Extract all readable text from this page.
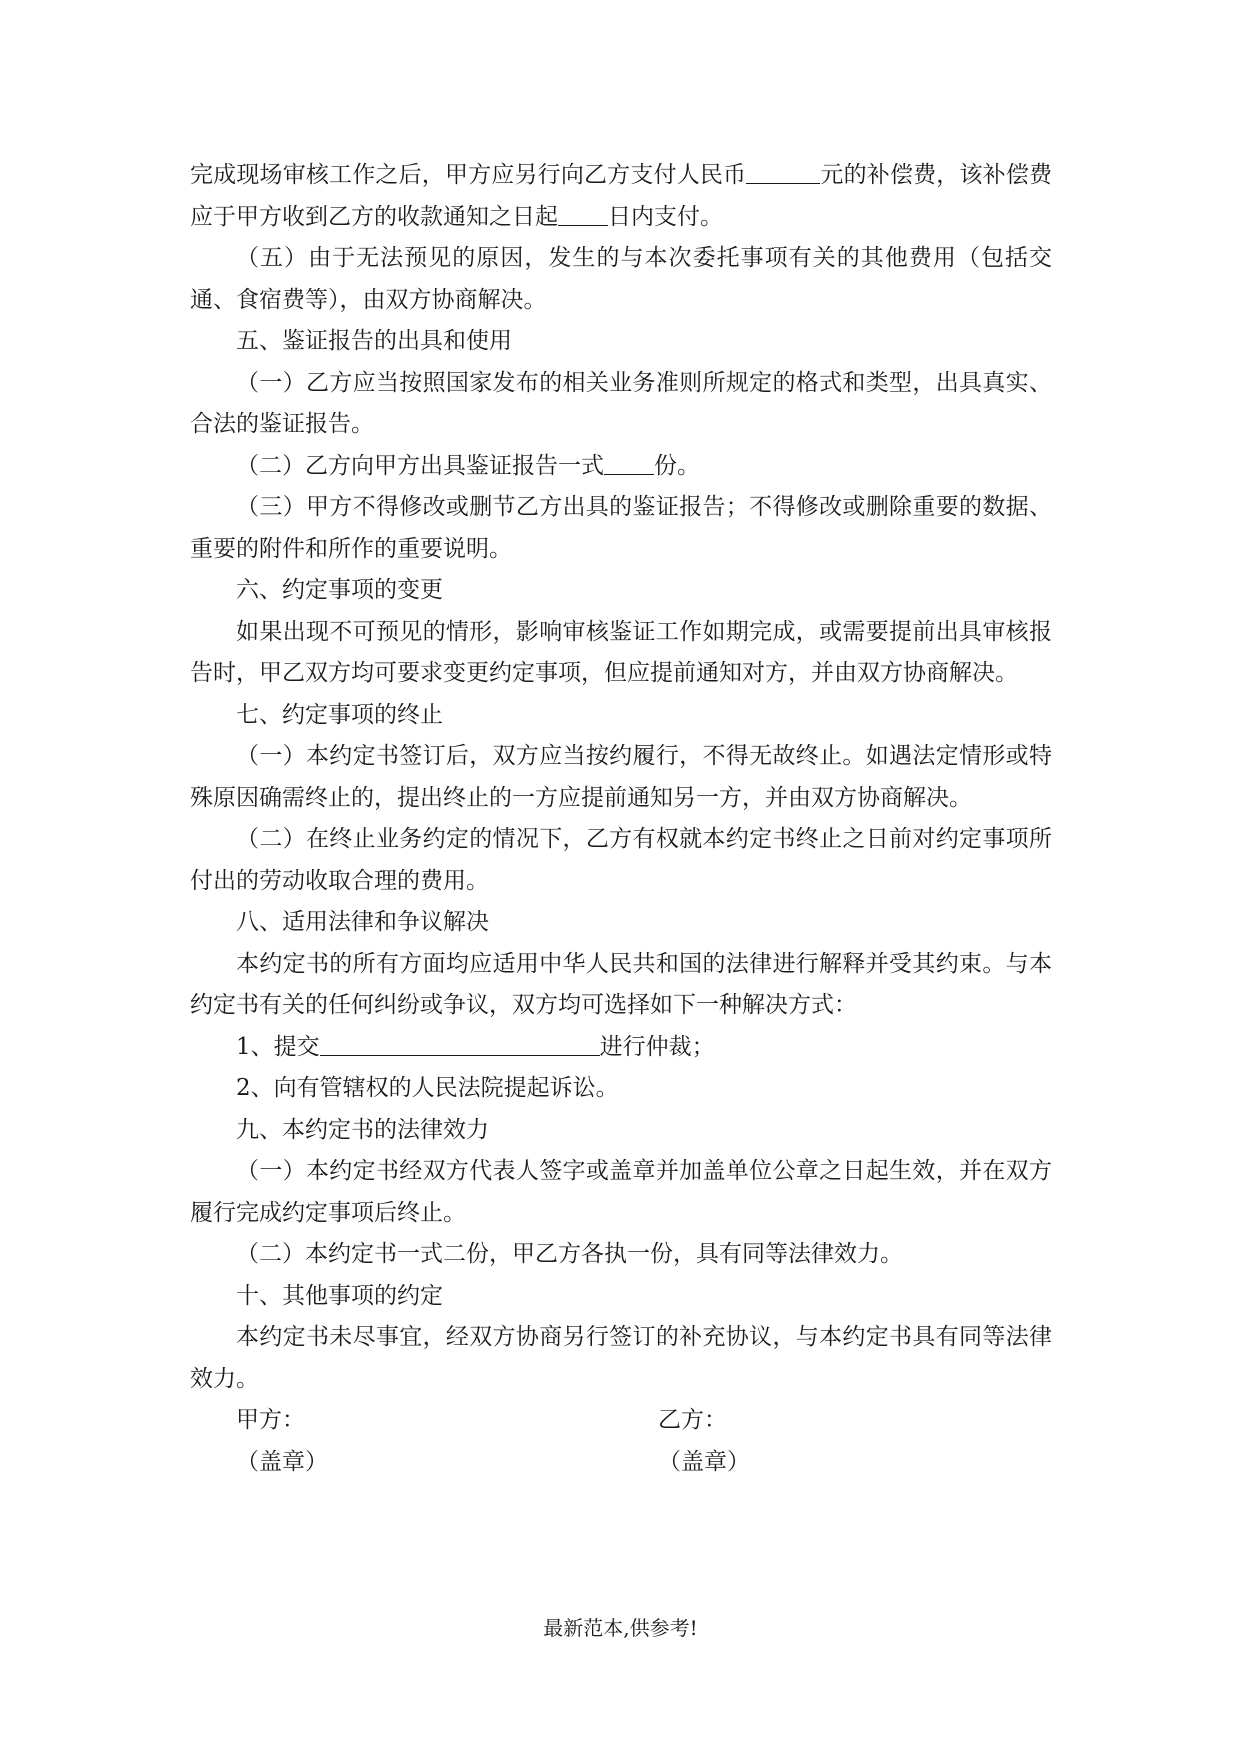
完成现场审核工作之后，甲方应另行向乙方支付人民币	元的补偿费，该补偿费应于甲方收到乙方的收款通知之日起 日内支付。

（五）由于无法预见的原因，发生的与本次委托事项有关的其他费用（包括交通、食宿费等），由双方协商解决。

五、鉴证报告的出具和使用

（一）乙方应当按照国家发布的相关业务准则所规定的格式和类型，出具真实、合法的鉴证报告。

（二）乙方向甲方出具鉴证报告一式 份。

（三）甲方不得修改或删节乙方出具的鉴证报告；不得修改或删除重要的数据、重要的附件和所作的重要说明。

六、约定事项的变更

如果出现不可预见的情形，影响审核鉴证工作如期完成，或需要提前出具审核报告时，甲乙双方均可要求变更约定事项，但应提前通知对方，并由双方协商解决。

七、约定事项的终止

（一）本约定书签订后，双方应当按约履行，不得无故终止。如遇法定情形或特殊原因确需终止的，提出终止的一方应提前通知另一方，并由双方协商解决。

（二）在终止业务约定的情况下，乙方有权就本约定书终止之日前对约定事项所付出的劳动收取合理的费用。

八、适用法律和争议解决

本约定书的所有方面均应适用中华人民共和国的法律进行解释并受其约束。与本约定书有关的任何纠纷或争议，双方均可选择如下一种解决方式：

1、提交	进行仲裁；

2、向有管辖权的人民法院提起诉讼。

九、本约定书的法律效力

（一）本约定书经双方代表人签字或盖章并加盖单位公章之日起生效，并在双方履行完成约定事项后终止。

（二）本约定书一式二份，甲乙方各执一份，具有同等法律效力。

十、其他事项的约定

本约定书未尽事宜，经双方协商另行签订的补充协议，与本约定书具有同等法律效力。

甲方：	乙方：
（盖章）	（盖章）
最新范本,供参考!
